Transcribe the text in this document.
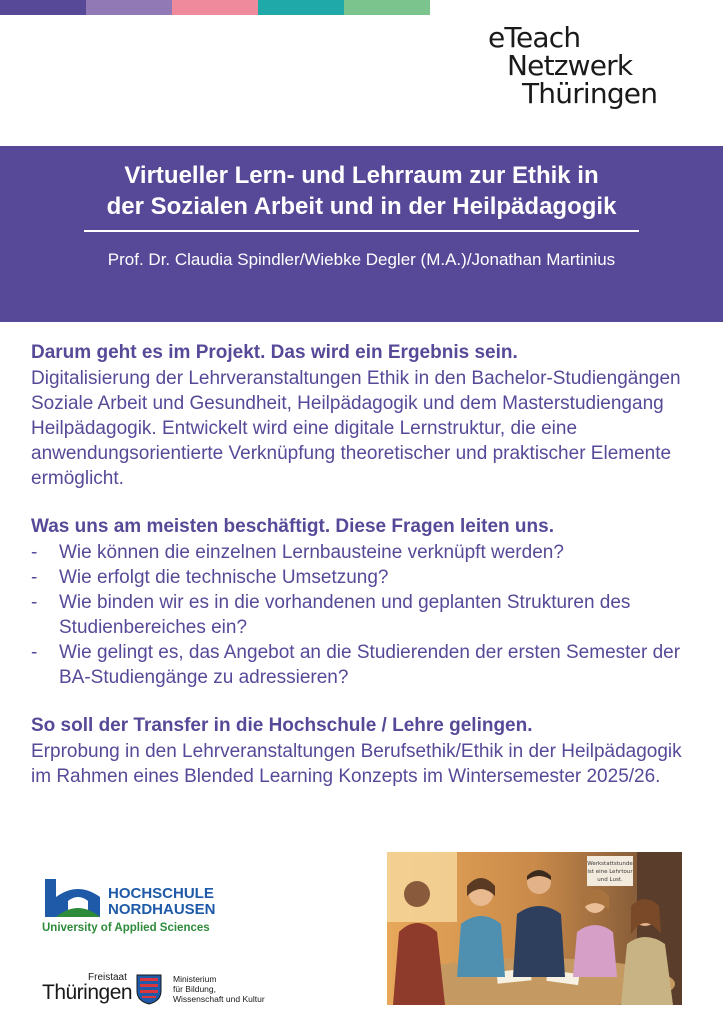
eTeach
Netzwerk
Thüringen
Virtueller Lern- und Lehrraum zur Ethik in
der Sozialen Arbeit und in der Heilpädagogik
Prof. Dr. Claudia Spindler/Wiebke Degler (M.A.)/Jonathan Martinius

Darum geht es im Projekt. Das wird ein Ergebnis sein.

Digitalisierung der Lehrveranstaltungen Ethik in den Bachelor-Studiengängen Soziale Arbeit und Gesundheit, Heilpädagogik und dem Masterstudiengang Heilpädagogik. Entwickelt wird eine digitale Lernstruktur, die eine anwendungsorientierte Verknüpfung theoretischer und praktischer Elemente ermöglicht.

Was uns am meisten beschäftigt. Diese Fragen leiten uns.

- Wie können die einzelnen Lernbausteine verknüpft werden?
- Wie erfolgt die technische Umsetzung?
- Wie binden wir es in die vorhandenen und geplanten Strukturen des Studienbereiches ein?
- Wie gelingt es, das Angebot an die Studierenden der ersten Semester der BA-Studiengänge zu adressieren?

So soll der Transfer in die Hochschule / Lehre gelingen.

Erprobung in den Lehrveranstaltungen Berufsethik/Ethik in der Heilpädagogik im Rahmen eines Blended Learning Konzepts im Wintersemester 2025/26.

HOCHSCHULE
NORDHAUSEN
University of Applied Sciences
Freistaat
Thüringen
Ministerium
für Bildung,
Wissenschaft und Kultur
Werkstattstunde
ist eine Lehrtour
und Lust.
